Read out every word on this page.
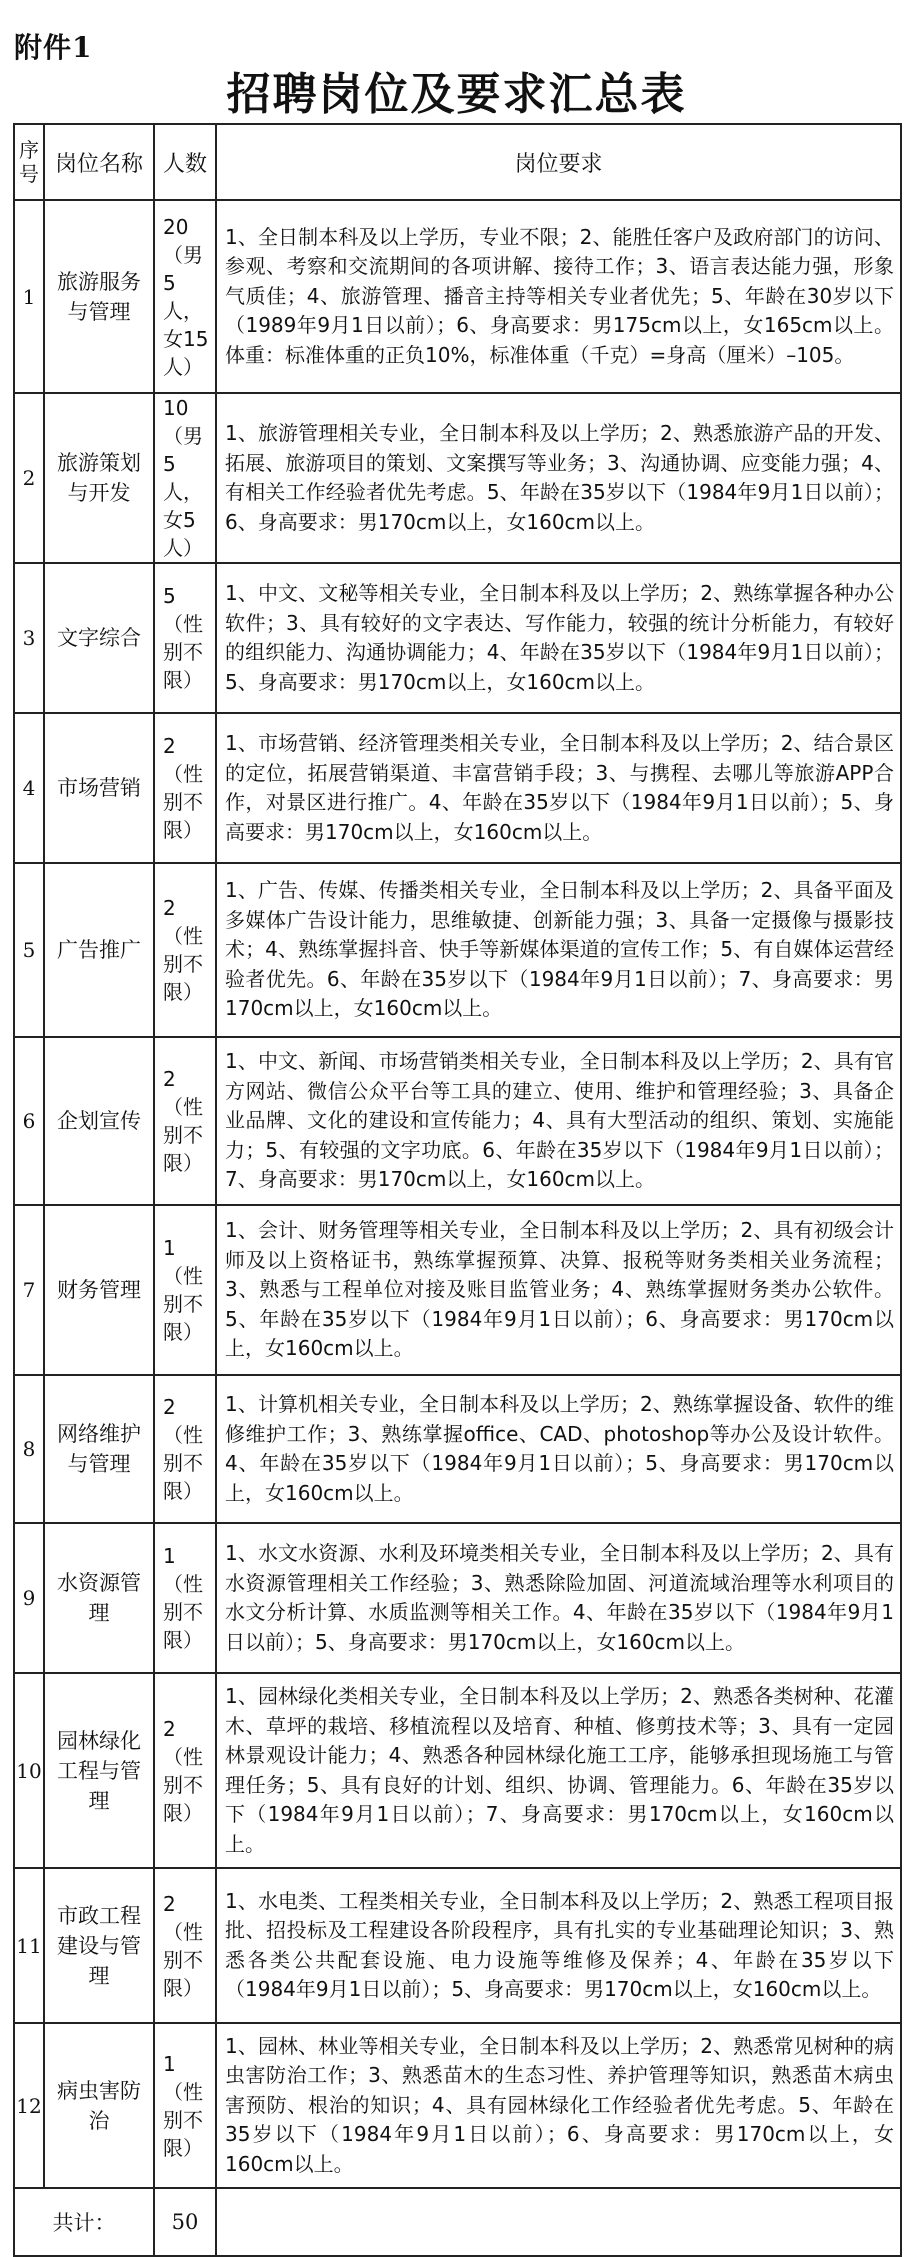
附件1
招聘岗位及要求汇总表
序号	岗位名称	人数	岗位要求
1	旅游服务与管理	20（男5人，女15人）	1、全日制本科及以上学历，专业不限；2、能胜任客户及政府部门的访问、参观、考察和交流期间的各项讲解、接待工作；3、语言表达能力强，形象气质佳；4、旅游管理、播音主持等相关专业者优先；5、年龄在30岁以下（1989年9月1日以前）；6、身高要求：男175cm以上，女165cm以上。体重：标准体重的正负10%，标准体重（千克）=身高（厘米）–105。
2	旅游策划与开发	10（男5人，女5人）	1、旅游管理相关专业，全日制本科及以上学历；2、熟悉旅游产品的开发、拓展、旅游项目的策划、文案撰写等业务；3、沟通协调、应变能力强；4、有相关工作经验者优先考虑。5、年龄在35岁以下（1984年9月1日以前）；6、身高要求：男170cm以上，女160cm以上。
3	文字综合	5（性别不限）	1、中文、文秘等相关专业，全日制本科及以上学历；2、熟练掌握各种办公软件；3、具有较好的文字表达、写作能力，较强的统计分析能力，有较好的组织能力、沟通协调能力；4、年龄在35岁以下（1984年9月1日以前）；5、身高要求：男170cm以上，女160cm以上。
4	市场营销	2（性别不限）	1、市场营销、经济管理类相关专业，全日制本科及以上学历；2、结合景区的定位，拓展营销渠道、丰富营销手段；3、与携程、去哪儿等旅游APP合作，对景区进行推广。4、年龄在35岁以下（1984年9月1日以前）；5、身高要求：男170cm以上，女160cm以上。
5	广告推广	2（性别不限）	1、广告、传媒、传播类相关专业，全日制本科及以上学历；2、具备平面及多媒体广告设计能力，思维敏捷、创新能力强；3、具备一定摄像与摄影技术；4、熟练掌握抖音、快手等新媒体渠道的宣传工作；5、有自媒体运营经验者优先。6、年龄在35岁以下（1984年9月1日以前）；7、身高要求：男170cm以上，女160cm以上。
6	企划宣传	2（性别不限）	1、中文、新闻、市场营销类相关专业，全日制本科及以上学历；2、具有官方网站、微信公众平台等工具的建立、使用、维护和管理经验；3、具备企业品牌、文化的建设和宣传能力；4、具有大型活动的组织、策划、实施能力；5、有较强的文字功底。6、年龄在35岁以下（1984年9月1日以前）；7、身高要求：男170cm以上，女160cm以上。
7	财务管理	1（性别不限）	1、会计、财务管理等相关专业，全日制本科及以上学历；2、具有初级会计师及以上资格证书，熟练掌握预算、决算、报税等财务类相关业务流程；3、熟悉与工程单位对接及账目监管业务；4、熟练掌握财务类办公软件。5、年龄在35岁以下（1984年9月1日以前）；6、身高要求：男170cm以上，女160cm以上。
8	网络维护与管理	2（性别不限）	1、计算机相关专业，全日制本科及以上学历；2、熟练掌握设备、软件的维修维护工作；3、熟练掌握office、CAD、photoshop等办公及设计软件。4、年龄在35岁以下（1984年9月1日以前）；5、身高要求：男170cm以上，女160cm以上。
9	水资源管理	1（性别不限）	1、水文水资源、水利及环境类相关专业，全日制本科及以上学历；2、具有水资源管理相关工作经验；3、熟悉除险加固、河道流域治理等水利项目的水文分析计算、水质监测等相关工作。4、年龄在35岁以下（1984年9月1日以前）；5、身高要求：男170cm以上，女160cm以上。
10	园林绿化工程与管理	2（性别不限）	1、园林绿化类相关专业，全日制本科及以上学历；2、熟悉各类树种、花灌木、草坪的栽培、移植流程以及培育、种植、修剪技术等；3、具有一定园林景观设计能力；4、熟悉各种园林绿化施工工序，能够承担现场施工与管理任务；5、具有良好的计划、组织、协调、管理能力。6、年龄在35岁以下（1984年9月1日以前）；7、身高要求：男170cm以上，女160cm以上。
11	市政工程建设与管理	2（性别不限）	1、水电类、工程类相关专业，全日制本科及以上学历；2、熟悉工程项目报批、招投标及工程建设各阶段程序，具有扎实的专业基础理论知识；3、熟悉各类公共配套设施、电力设施等维修及保养；4、年龄在35岁以下（1984年9月1日以前）；5、身高要求：男170cm以上，女160cm以上。
12	病虫害防治	1（性别不限）	1、园林、林业等相关专业，全日制本科及以上学历；2、熟悉常见树种的病虫害防治工作；3、熟悉苗木的生态习性、养护管理等知识，熟悉苗木病虫害预防、根治的知识；4、具有园林绿化工作经验者优先考虑。5、年龄在35岁以下（1984年9月1日以前）；6、身高要求：男170cm以上，女160cm以上。
共计：		50	
